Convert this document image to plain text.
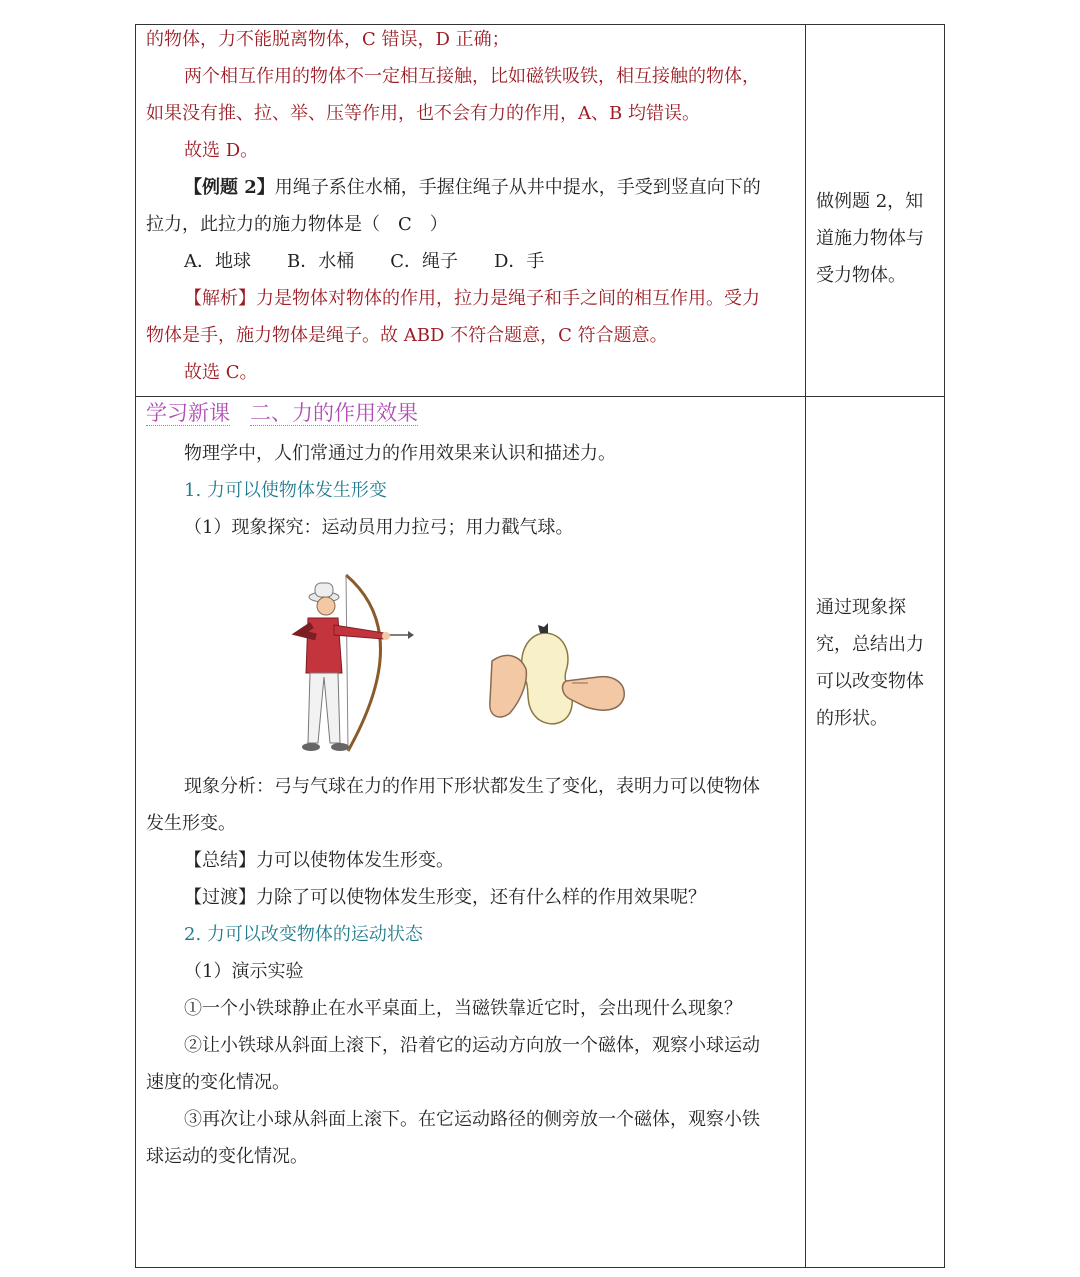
的物体，力不能脱离物体，C 错误，D 正确；
两个相互作用的物体不一定相互接触，比如磁铁吸铁，相互接触的物体，
如果没有推、拉、举、压等作用，也不会有力的作用，A、B 均错误。
故选 D。
【例题 2】用绳子系住水桶，手握住绳子从井中提水，手受到竖直向下的
拉力，此拉力的施力物体是（　C　）
A．地球　　B．水桶　　C．绳子　　D．手
【解析】力是物体对物体的作用，拉力是绳子和手之间的相互作用。受力
物体是手，施力物体是绳子。故 ABD 不符合题意，C 符合题意。
故选 C。
做例题 2，知道施力物体与受力物体。
学习新课 二、力的作用效果
物理学中，人们常通过力的作用效果来认识和描述力。
1. 力可以使物体发生形变
（1）现象探究：运动员用力拉弓；用力戳气球。
现象分析：弓与气球在力的作用下形状都发生了变化，表明力可以使物体
发生形变。
【总结】力可以使物体发生形变。
【过渡】力除了可以使物体发生形变，还有什么样的作用效果呢？
2. 力可以改变物体的运动状态
（1）演示实验
①一个小铁球静止在水平桌面上，当磁铁靠近它时，会出现什么现象？
②让小铁球从斜面上滚下，沿着它的运动方向放一个磁体，观察小球运动
速度的变化情况。
③再次让小球从斜面上滚下。在它运动路径的侧旁放一个磁体，观察小铁
球运动的变化情况。
通过现象探究，总结出力可以改变物体的形状。
